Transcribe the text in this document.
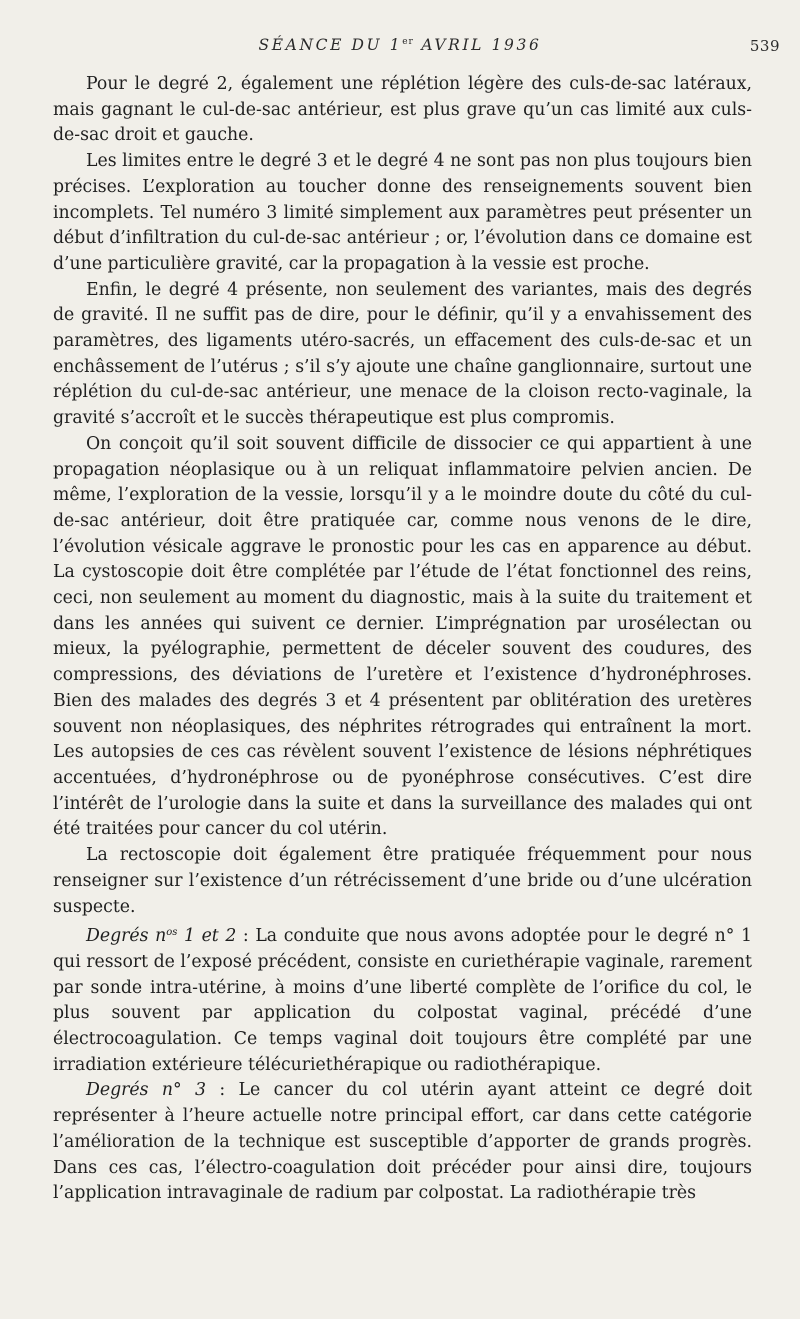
SÉANCE DU 1er AVRIL 1936	539

Pour le degré 2, également une réplétion légère des culs-de-sac latéraux, mais gagnant le cul-de-sac antérieur, est plus grave qu’un cas limité aux culs-de-sac droit et gauche.

Les limites entre le degré 3 et le degré 4 ne sont pas non plus toujours bien précises. L’exploration au toucher donne des renseignements souvent bien incomplets. Tel numéro 3 limité simplement aux paramètres peut présenter un début d’infiltration du cul-de-sac antérieur ; or, l’évolution dans ce domaine est d’une particulière gravité, car la propagation à la vessie est proche.

Enfin, le degré 4 présente, non seulement des variantes, mais des degrés de gravité. Il ne suffit pas de dire, pour le définir, qu’il y a envahissement des paramètres, des ligaments utéro-sacrés, un effacement des culs-de-sac et un enchâssement de l’utérus ; s’il s’y ajoute une chaîne ganglionnaire, surtout une réplétion du cul-de-sac antérieur, une menace de la cloison recto-vaginale, la gravité s’accroît et le succès thérapeutique est plus compromis.

On conçoit qu’il soit souvent difficile de dissocier ce qui appartient à une propagation néoplasique ou à un reliquat inflammatoire pelvien ancien. De même, l’exploration de la vessie, lorsqu’il y a le moindre doute du côté du cul-de-sac antérieur, doit être pratiquée car, comme nous venons de le dire, l’évolution vésicale aggrave le pronostic pour les cas en apparence au début. La cystoscopie doit être complétée par l’étude de l’état fonctionnel des reins, ceci, non seulement au moment du diagnostic, mais à la suite du traitement et dans les années qui suivent ce dernier. L’imprégnation par urosélectan ou mieux, la pyélographie, permettent de déceler souvent des coudures, des compressions, des déviations de l’uretère et l’existence d’hydronéphroses. Bien des malades des degrés 3 et 4 présentent par oblitération des uretères souvent non néoplasiques, des néphrites rétrogrades qui entraînent la mort. Les autopsies de ces cas révèlent souvent l’existence de lésions néphrétiques accentuées, d’hydronéphrose ou de pyonéphrose consécutives. C’est dire l’intérêt de l’urologie dans la suite et dans la surveillance des malades qui ont été traitées pour cancer du col utérin.

La rectoscopie doit également être pratiquée fréquemment pour nous renseigner sur l’existence d’un rétrécissement d’une bride ou d’une ulcération suspecte.

Degrés $n^{os}$ 1 et 2 : La conduite que nous avons adoptée pour le degré n° 1 qui ressort de l’exposé précédent, consiste en curiethérapie vaginale, rarement par sonde intra-utérine, à moins d’une liberté complète de l’orifice du col, le plus souvent par application du colpostat vaginal, précédé d’une électrocoagulation. Ce temps vaginal doit toujours être complété par une irradiation extérieure télécuriethérapique ou radiothérapique.

Degrés n° 3 : Le cancer du col utérin ayant atteint ce degré doit représenter à l’heure actuelle notre principal effort, car dans cette catégorie l’amélioration de la technique est susceptible d’apporter de grands progrès. Dans ces cas, l’électro-coagulation doit précéder pour ainsi dire, toujours l’application intravaginale de radium par colpostat. La radiothérapie très
